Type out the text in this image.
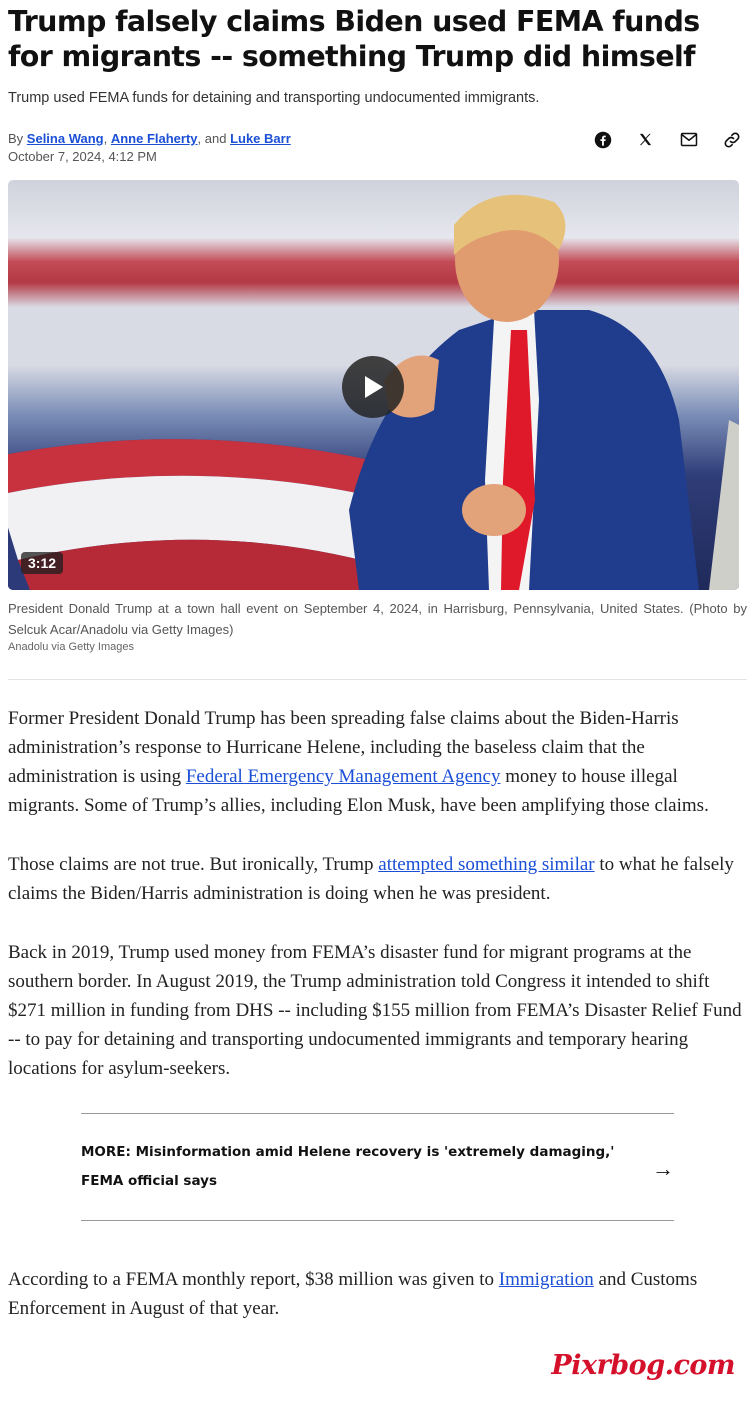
Trump falsely claims Biden used FEMA funds for migrants -- something Trump did himself
Trump used FEMA funds for detaining and transporting undocumented immigrants.
By Selina Wang, Anne Flaherty, and Luke Barr
October 7, 2024, 4:12 PM
3:12
President Donald Trump at a town hall event on September 4, 2024, in Harrisburg, Pennsylvania, United States. (Photo by Selcuk Acar/Anadolu via Getty Images)
Anadolu via Getty Images

Former President Donald Trump has been spreading false claims about the Biden-Harris administration’s response to Hurricane Helene, including the baseless claim that the administration is using Federal Emergency Management Agency money to house illegal migrants. Some of Trump’s allies, including Elon Musk, have been amplifying those claims.

Those claims are not true. But ironically, Trump attempted something similar to what he falsely claims the Biden/Harris administration is doing when he was president.

Back in 2019, Trump used money from FEMA’s disaster fund for migrant programs at the southern border. In August 2019, the Trump administration told Congress it intended to shift $271 million in funding from DHS -- including $155 million from FEMA’s Disaster Relief Fund -- to pay for detaining and transporting undocumented immigrants and temporary hearing locations for asylum-seekers.

MORE: Misinformation amid Helene recovery is 'extremely damaging,' FEMA official says	→

According to a FEMA monthly report, $38 million was given to Immigration and Customs Enforcement in August of that year.

Pixrbog.com
